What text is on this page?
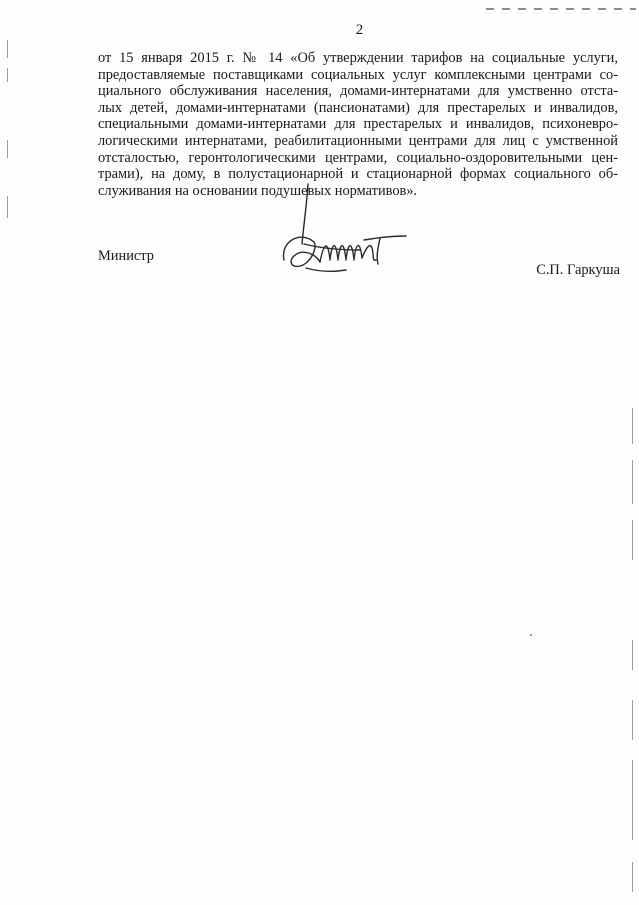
2
от 15 января 2015 г. № 14 «Об утверждении тарифов на социальные услуги,
предоставляемые поставщиками социальных услуг комплексными центрами со-
циального обслуживания населения, домами-интернатами для умственно отста-
лых детей, домами-интернатами (пансионатами) для престарелых и инвалидов,
специальными домами-интернатами для престарелых и инвалидов, психоневро-
логическими интернатами, реабилитационными центрами для лиц с умственной
отсталостью, геронтологическими центрами, социально-оздоровительными цен-
трами), на дому, в полустационарной и стационарной формах социального об-
служивания на основании подушевых нормативов».
Министр
С.П. Гаркуша
